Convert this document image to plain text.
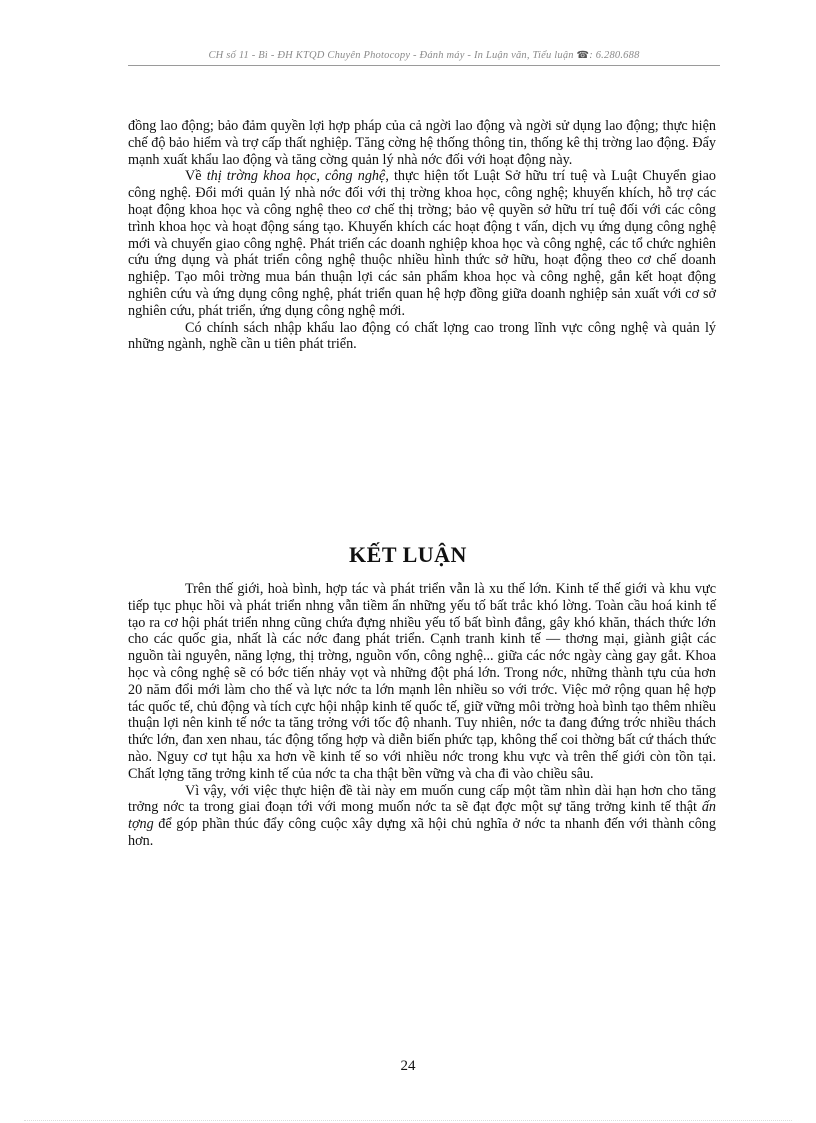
CH số 11 - Bì - ĐH KTQD Chuyên Photocopy - Đánh máy - In Luận văn, Tiểu luận ☎: 6.280.688

đồng lao động; bảo đảm quyền lợi hợp pháp của cả ngời lao động và ngời sử dụng lao động; thực hiện chế độ bảo hiểm và trợ cấp thất nghiệp. Tăng cờng hệ thống thông tin, thống kê thị trờng lao động. Đẩy mạnh xuất khẩu lao động và tăng cờng quản lý nhà nớc đối với hoạt động này.

Về thị trờng khoa học, công nghệ, thực hiện tốt Luật Sở hữu trí tuệ và Luật Chuyển giao công nghệ. Đổi mới quản lý nhà nớc đối với thị trờng khoa học, công nghệ; khuyến khích, hỗ trợ các hoạt động khoa học và công nghệ theo cơ chế thị trờng; bảo vệ quyền sở hữu trí tuệ đối với các công trình khoa học và hoạt động sáng tạo. Khuyến khích các hoạt động t vấn, dịch vụ ứng dụng công nghệ mới và chuyển giao công nghệ. Phát triển các doanh nghiệp khoa học và công nghệ, các tổ chức nghiên cứu ứng dụng và phát triển công nghệ thuộc nhiều hình thức sở hữu, hoạt động theo cơ chế doanh nghiệp. Tạo môi trờng mua bán thuận lợi các sản phẩm khoa học và công nghệ, gắn kết hoạt động nghiên cứu và ứng dụng công nghệ, phát triển quan hệ hợp đồng giữa doanh nghiệp sản xuất với cơ sở nghiên cứu, phát triển, ứng dụng công nghệ mới.

Có chính sách nhập khẩu lao động có chất lợng cao trong lĩnh vực công nghệ và quản lý những ngành, nghề cần u tiên phát triển.

KẾT LUẬN

Trên thế giới, hoà bình, hợp tác và phát triển vẫn là xu thế lớn. Kinh tế thế giới và khu vực tiếp tục phục hồi và phát triển nhng vẫn tiềm ẩn những yếu tố bất trắc khó lờng. Toàn cầu hoá kinh tế tạo ra cơ hội phát triển nhng cũng chứa đựng nhiều yếu tố bất bình đẳng, gây khó khăn, thách thức lớn cho các quốc gia, nhất là các nớc đang phát triển. Cạnh tranh kinh tế — thơng mại, giành giật các nguồn tài nguyên, năng lợng, thị trờng, nguồn vốn, công nghệ... giữa các nớc ngày càng gay gắt. Khoa học và công nghệ sẽ có bớc tiến nhảy vọt và những đột phá lớn. Trong nớc, những thành tựu của hơn 20 năm đổi mới làm cho thế và lực nớc ta lớn mạnh lên nhiều so với trớc. Việc mở rộng quan hệ hợp tác quốc tế, chủ động và tích cực hội nhập kinh tế quốc tế, giữ vững môi trờng hoà bình tạo thêm nhiều thuận lợi nên kinh tế nớc ta tăng trởng với tốc độ nhanh. Tuy nhiên, nớc ta đang đứng trớc nhiều thách thức lớn, đan xen nhau, tác động tổng hợp và diễn biến phức tạp, không thể coi thờng bất cứ thách thức nào. Nguy cơ tụt hậu xa hơn về kinh tế so với nhiều nớc trong khu vực và trên thế giới còn tồn tại. Chất lợng tăng trởng kinh tế của nớc ta cha thật bền vững và cha đi vào chiều sâu.

Vì vậy, với việc thực hiện đề tài này em muốn cung cấp một tầm nhìn dài hạn hơn cho tăng trởng nớc ta trong giai đoạn tới với mong muốn nớc ta sẽ đạt đợc một sự tăng trởng kinh tế thật ấn tợng để góp phần thúc đẩy công cuộc xây dựng xã hội chủ nghĩa ở nớc ta nhanh đến với thành công hơn.

24
